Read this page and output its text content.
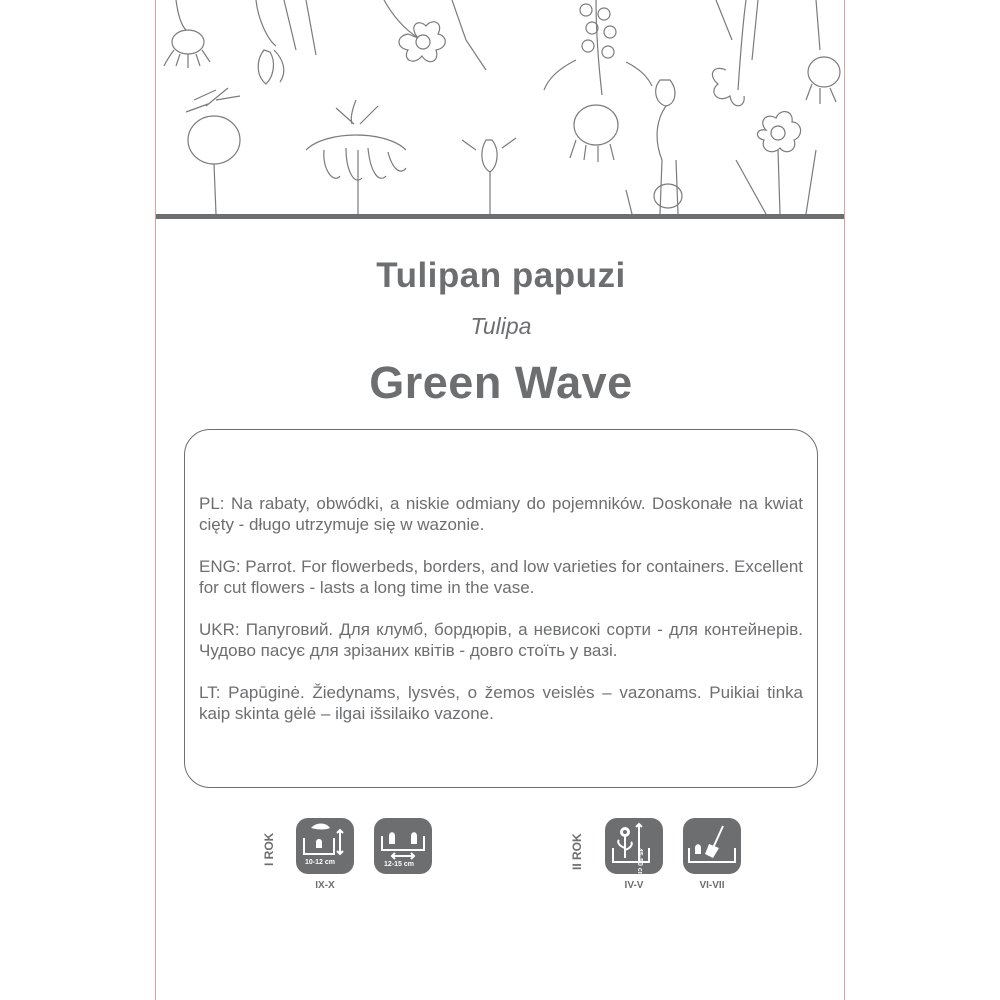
Tulipan papuzi
Tulipa
Green Wave

PL: Na rabaty, obwódki, a niskie odmiany do pojemników. Doskonałe na kwiat cięty - długo utrzymuje się w wazonie.

ENG: Parrot. For flowerbeds, borders, and low varieties for containers. Excellent for cut flowers - lasts a long time in the vase.

UKR: Папуговий. Для клумб, бордюрів, а невисокі сорти - для контейнерів. Чудово пасує для зрізаних квітів - довго стоїть у вазі.

LT: Papūginė. Žiedynams, lysvės, o žemos veislės – vazonams. Puikiai tinka kaip skinta gėlė – ilgai išsilaiko vazone.

I ROK	10-12 cm
IX-X
12-15 cm	II ROK	45-50 cm
IV-V	VI-VII
